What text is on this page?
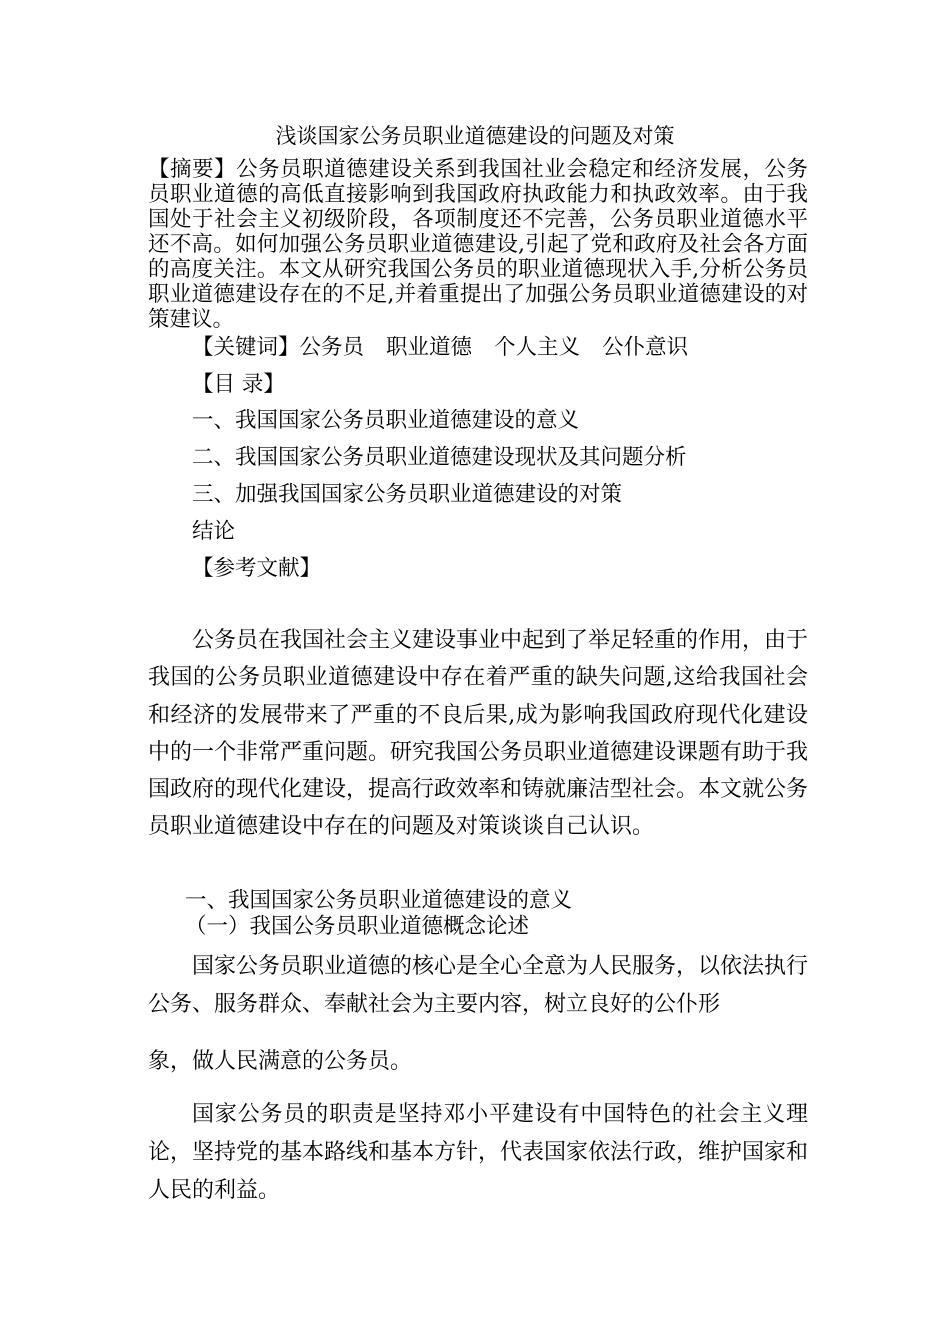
浅谈国家公务员职业道德建设的问题及对策

【摘要】公务员职道德建设关系到我国社业会稳定和经济发展，公务员职业道德的高低直接影响到我国政府执政能力和执政效率。由于我国处于社会主义初级阶段，各项制度还不完善，公务员职业道德水平还不高。如何加强公务员职业道德建设,引起了党和政府及社会各方面的高度关注。本文从研究我国公务员的职业道德现状入手,分析公务员职业道德建设存在的不足,并着重提出了加强公务员职业道德建设的对策建议。

【关键词】公务员 职业道德 个人主义 公仆意识
【目 录】
一、我国国家公务员职业道德建设的意义
二、我国国家公务员职业道德建设现状及其问题分析
三、加强我国国家公务员职业道德建设的对策
结论
【参考文献】

公务员在我国社会主义建设事业中起到了举足轻重的作用，由于我国的公务员职业道德建设中存在着严重的缺失问题,这给我国社会和经济的发展带来了严重的不良后果,成为影响我国政府现代化建设中的一个非常严重问题。研究我国公务员职业道德建设课题有助于我国政府的现代化建设，提高行政效率和铸就廉洁型社会。本文就公务员职业道德建设中存在的问题及对策谈谈自己认识。

一、我国国家公务员职业道德建设的意义
（一）我国公务员职业道德概念论述

国家公务员职业道德的核心是全心全意为人民服务，以依法执行公务、服务群众、奉献社会为主要内容，树立良好的公仆形

象，做人民满意的公务员。

国家公务员的职责是坚持邓小平建设有中国特色的社会主义理论，坚持党的基本路线和基本方针，代表国家依法行政，维护国家和人民的利益。
